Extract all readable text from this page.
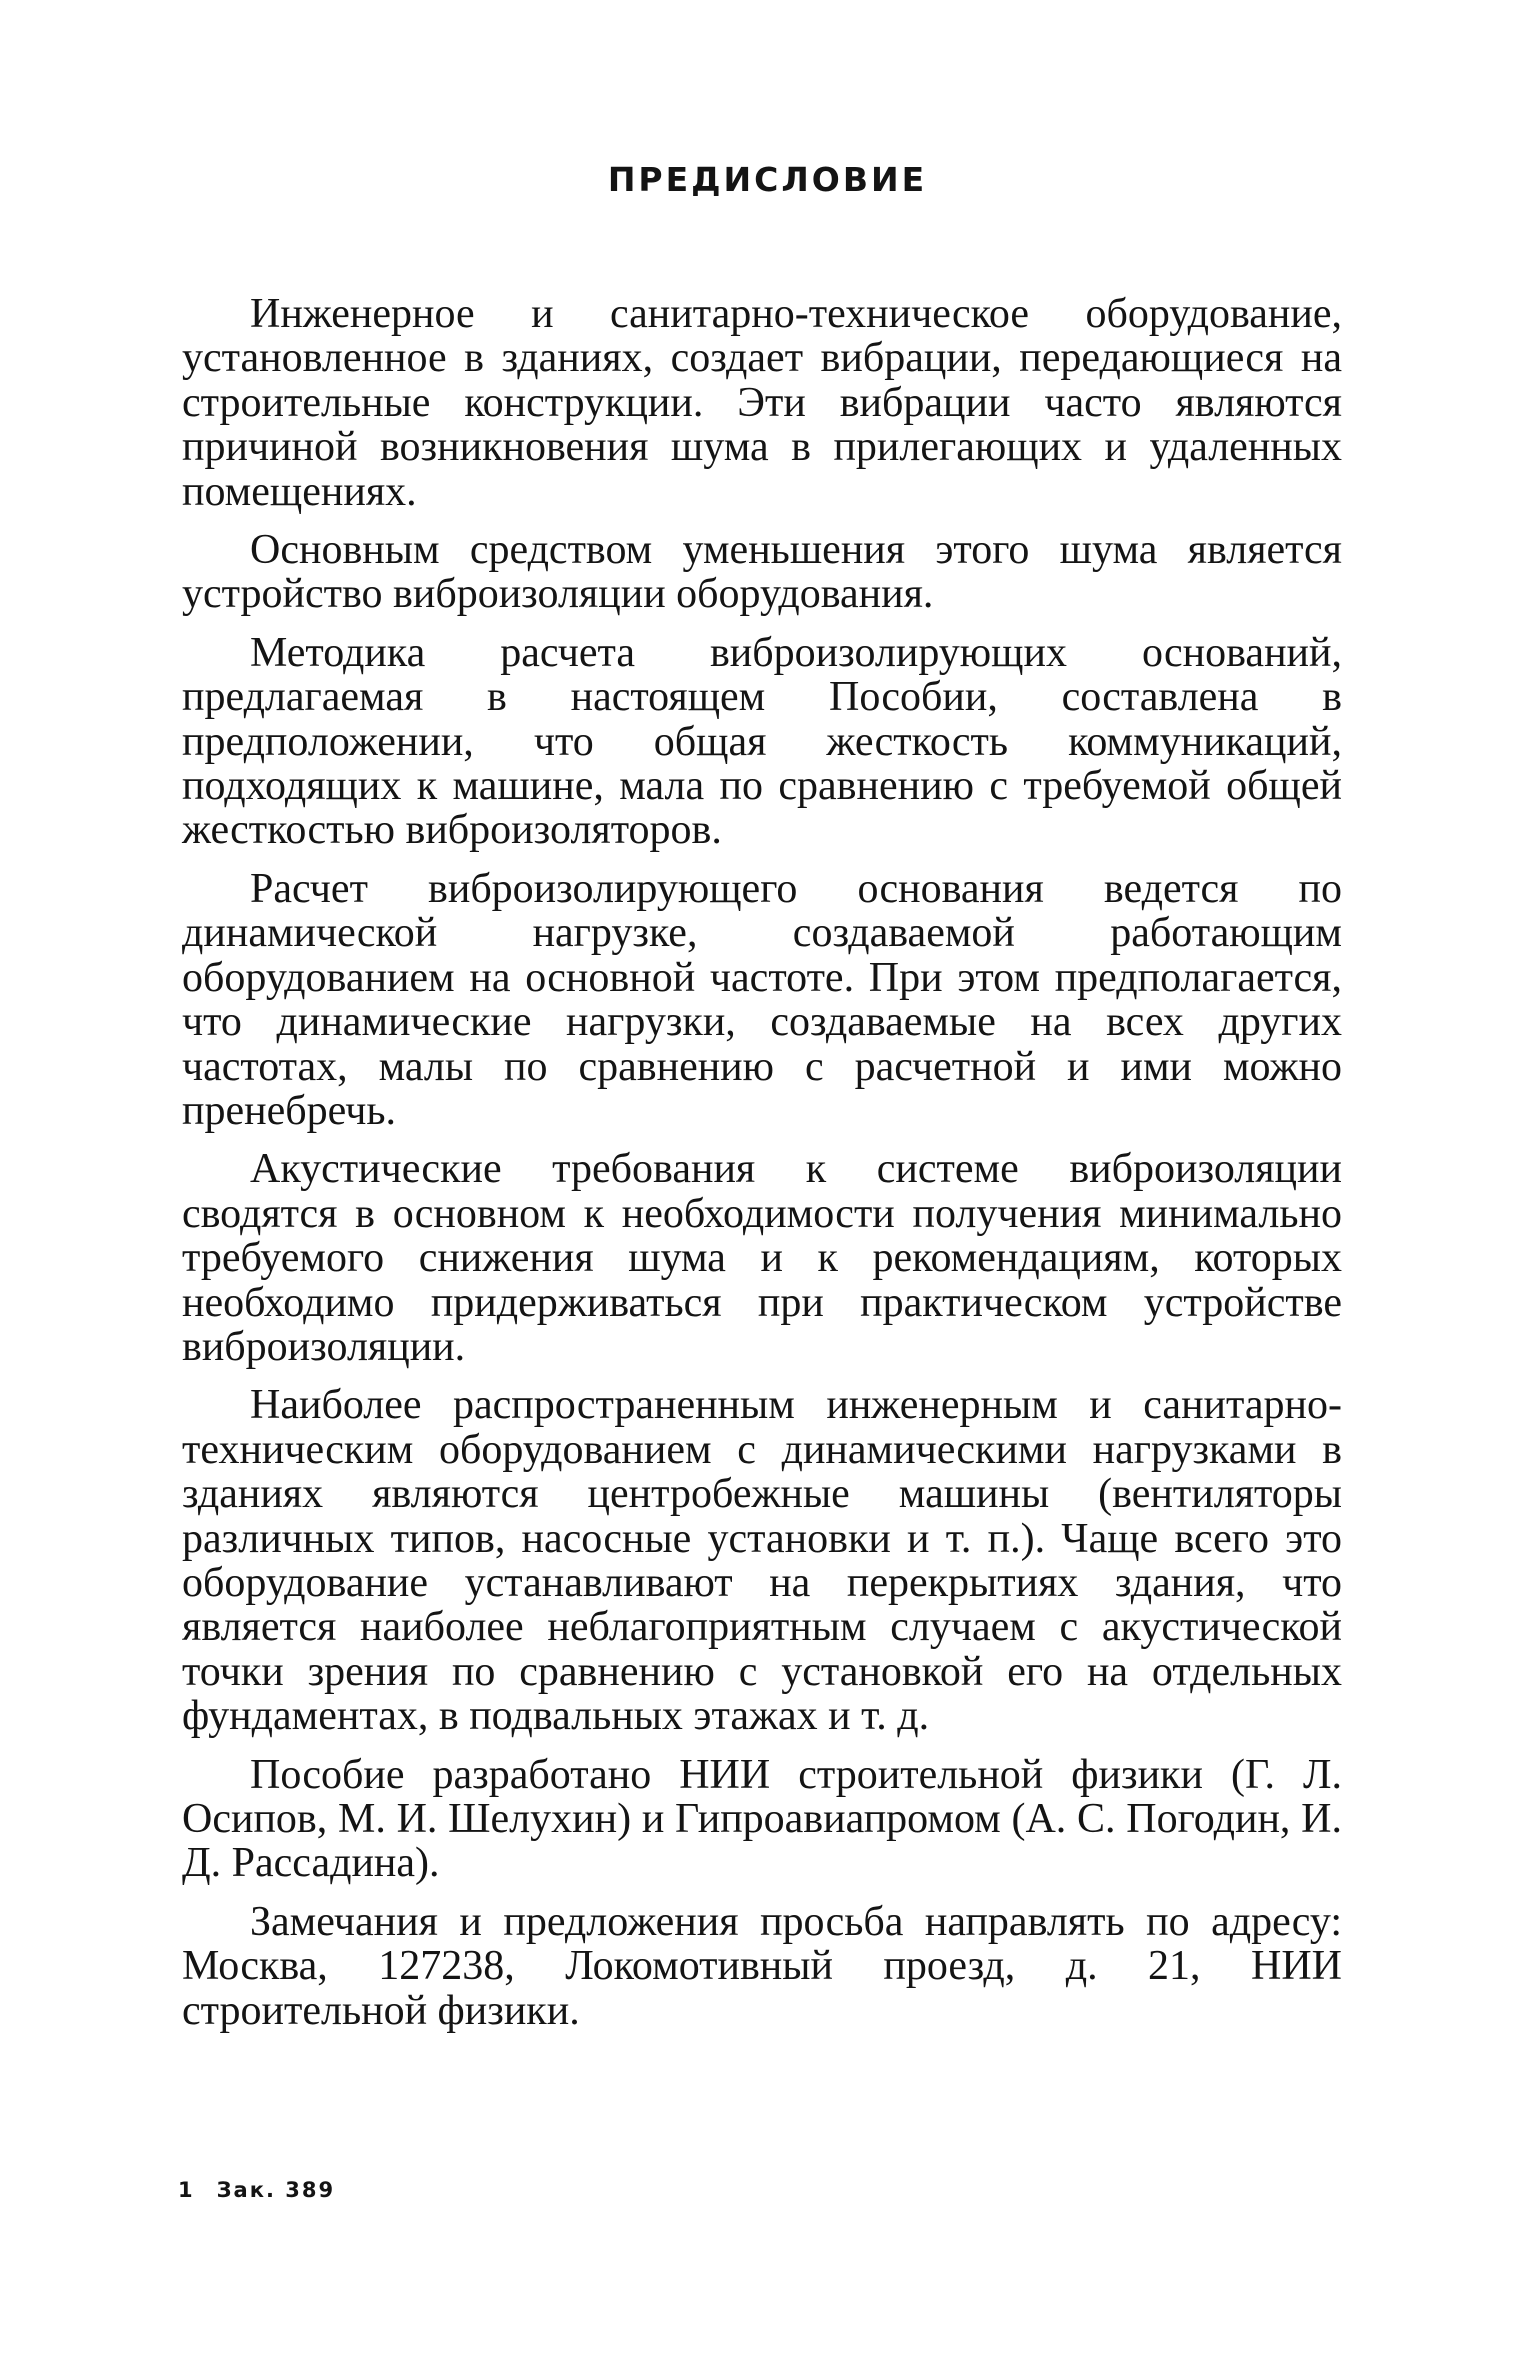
ПРЕДИСЛОВИЕ

Инженерное и санитарно-техническое оборудование, установленное в зданиях, создает вибрации, передающиеся на строительные конструкции. Эти вибрации часто являются причиной возникновения шума в прилегающих и удаленных помещениях.

Основным средством уменьшения этого шума является устройство виброизоляции оборудования.

Методика расчета виброизолирующих оснований, предлагаемая в настоящем Пособии, составлена в предположении, что общая жесткость коммуникаций, подходящих к машине, мала по сравнению с требуемой общей жесткостью виброизоляторов.

Расчет виброизолирующего основания ведется по динамической нагрузке, создаваемой работающим оборудованием на основной частоте. При этом предполагается, что динамические нагрузки, создаваемые на всех других частотах, малы по сравнению с расчетной и ими можно пренебречь.

Акустические требования к системе виброизоляции сводятся в основном к необходимости получения минимально требуемого снижения шума и к рекомендациям, которых необходимо придерживаться при практическом устройстве виброизоляции.

Наиболее распространенным инженерным и санитарно-техническим оборудованием с динамическими нагрузками в зданиях являются центробежные машины (вентиляторы различных типов, насосные установки и т. п.). Чаще всего это оборудование устанавливают на перекрытиях здания, что является наиболее неблагоприятным случаем с акустической точки зрения по сравнению с установкой его на отдельных фундаментах, в подвальных этажах и т. д.

Пособие разработано НИИ строительной физики (Г. Л. Осипов, М. И. Шелухин) и Гипроавиапромом (А. С. Погодин, И. Д. Рассадина).

Замечания и предложения просьба направлять по адресу: Москва, 127238, Локомотивный проезд, д. 21, НИИ строительной физики.

1 Зак. 389
